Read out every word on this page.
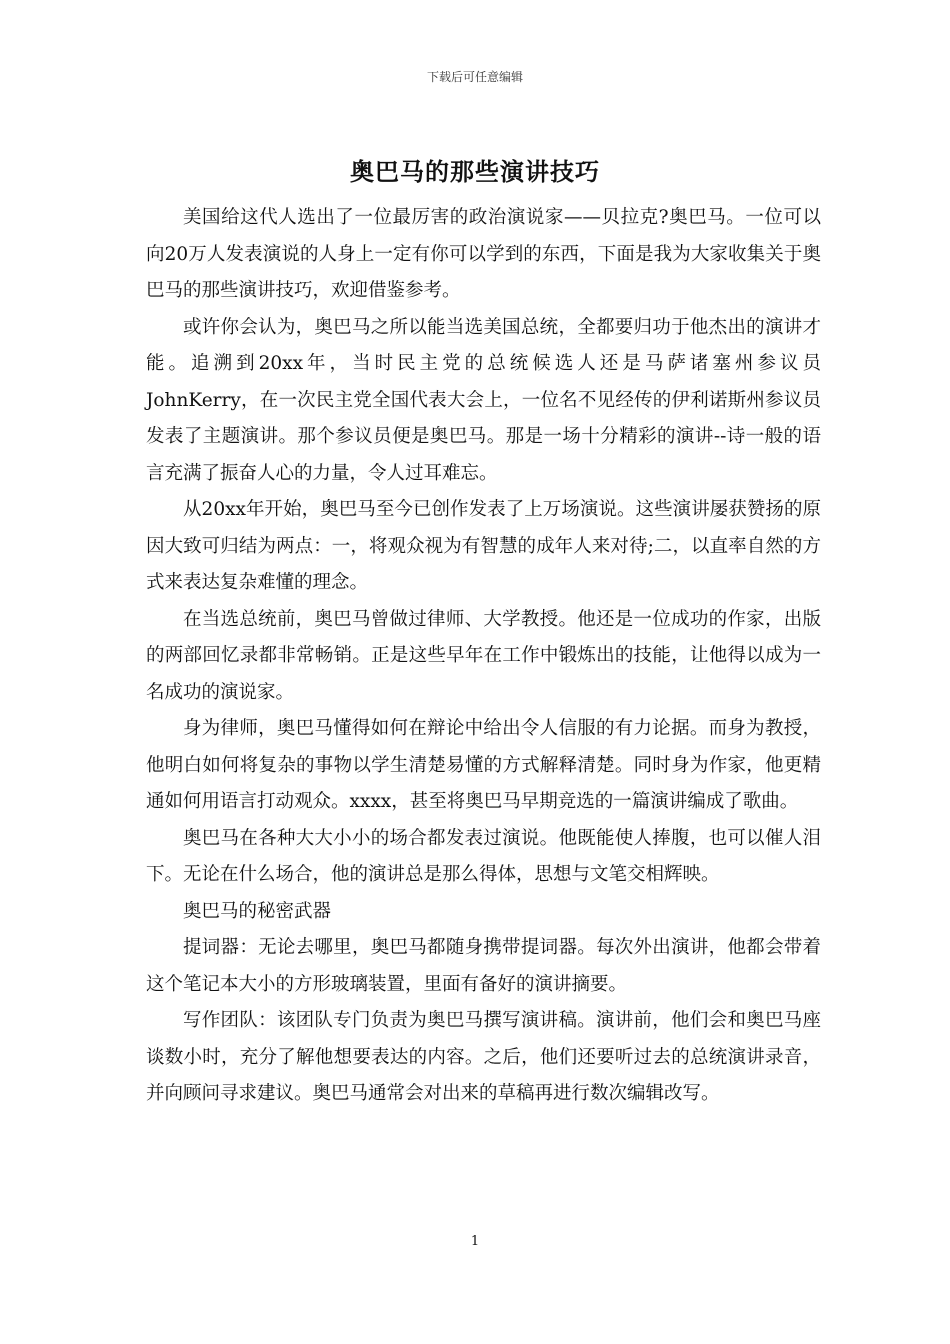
下载后可任意编辑
奥巴马的那些演讲技巧

美国给这代人选出了一位最厉害的政治演说家——贝拉克?奥巴马。一位可以向20万人发表演说的人身上一定有你可以学到的东西，下面是我为大家收集关于奥巴马的那些演讲技巧，欢迎借鉴参考。

或许你会认为，奥巴马之所以能当选美国总统，全都要归功于他杰出的演讲才能。追溯到20xx年，当时民主党的总统候选人还是马萨诸塞州参议员JohnKerry，在一次民主党全国代表大会上，一位名不见经传的伊利诺斯州参议员发表了主题演讲。那个参议员便是奥巴马。那是一场十分精彩的演讲--诗一般的语言充满了振奋人心的力量，令人过耳难忘。

从20xx年开始，奥巴马至今已创作发表了上万场演说。这些演讲屡获赞扬的原因大致可归结为两点：一，将观众视为有智慧的成年人来对待;二，以直率自然的方式来表达复杂难懂的理念。

在当选总统前，奥巴马曾做过律师、大学教授。他还是一位成功的作家，出版的两部回忆录都非常畅销。正是这些早年在工作中锻炼出的技能，让他得以成为一名成功的演说家。

身为律师，奥巴马懂得如何在辩论中给出令人信服的有力论据。而身为教授，他明白如何将复杂的事物以学生清楚易懂的方式解释清楚。同时身为作家，他更精通如何用语言打动观众。xxxx，甚至将奥巴马早期竞选的一篇演讲编成了歌曲。

奥巴马在各种大大小小的场合都发表过演说。他既能使人捧腹，也可以催人泪下。无论在什么场合，他的演讲总是那么得体，思想与文笔交相辉映。

奥巴马的秘密武器

提词器：无论去哪里，奥巴马都随身携带提词器。每次外出演讲，他都会带着这个笔记本大小的方形玻璃装置，里面有备好的演讲摘要。

写作团队：该团队专门负责为奥巴马撰写演讲稿。演讲前，他们会和奥巴马座谈数小时，充分了解他想要表达的内容。之后，他们还要听过去的总统演讲录音，并向顾问寻求建议。奥巴马通常会对出来的草稿再进行数次编辑改写。

1
